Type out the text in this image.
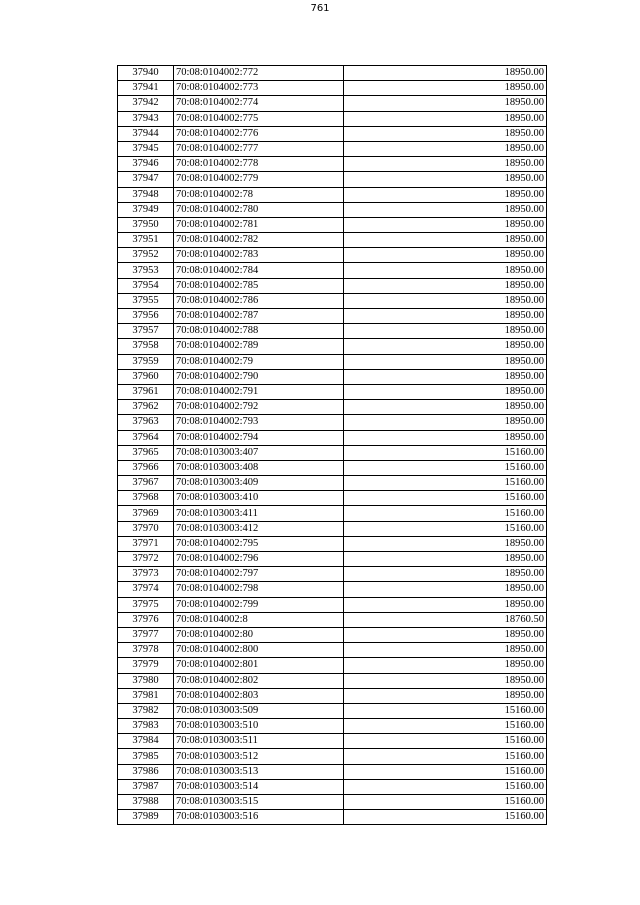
761
37940	70:08:0104002:772	18950.00
37941	70:08:0104002:773	18950.00
37942	70:08:0104002:774	18950.00
37943	70:08:0104002:775	18950.00
37944	70:08:0104002:776	18950.00
37945	70:08:0104002:777	18950.00
37946	70:08:0104002:778	18950.00
37947	70:08:0104002:779	18950.00
37948	70:08:0104002:78	18950.00
37949	70:08:0104002:780	18950.00
37950	70:08:0104002:781	18950.00
37951	70:08:0104002:782	18950.00
37952	70:08:0104002:783	18950.00
37953	70:08:0104002:784	18950.00
37954	70:08:0104002:785	18950.00
37955	70:08:0104002:786	18950.00
37956	70:08:0104002:787	18950.00
37957	70:08:0104002:788	18950.00
37958	70:08:0104002:789	18950.00
37959	70:08:0104002:79	18950.00
37960	70:08:0104002:790	18950.00
37961	70:08:0104002:791	18950.00
37962	70:08:0104002:792	18950.00
37963	70:08:0104002:793	18950.00
37964	70:08:0104002:794	18950.00
37965	70:08:0103003:407	15160.00
37966	70:08:0103003:408	15160.00
37967	70:08:0103003:409	15160.00
37968	70:08:0103003:410	15160.00
37969	70:08:0103003:411	15160.00
37970	70:08:0103003:412	15160.00
37971	70:08:0104002:795	18950.00
37972	70:08:0104002:796	18950.00
37973	70:08:0104002:797	18950.00
37974	70:08:0104002:798	18950.00
37975	70:08:0104002:799	18950.00
37976	70:08:0104002:8	18760.50
37977	70:08:0104002:80	18950.00
37978	70:08:0104002:800	18950.00
37979	70:08:0104002:801	18950.00
37980	70:08:0104002:802	18950.00
37981	70:08:0104002:803	18950.00
37982	70:08:0103003:509	15160.00
37983	70:08:0103003:510	15160.00
37984	70:08:0103003:511	15160.00
37985	70:08:0103003:512	15160.00
37986	70:08:0103003:513	15160.00
37987	70:08:0103003:514	15160.00
37988	70:08:0103003:515	15160.00
37989	70:08:0103003:516	15160.00
